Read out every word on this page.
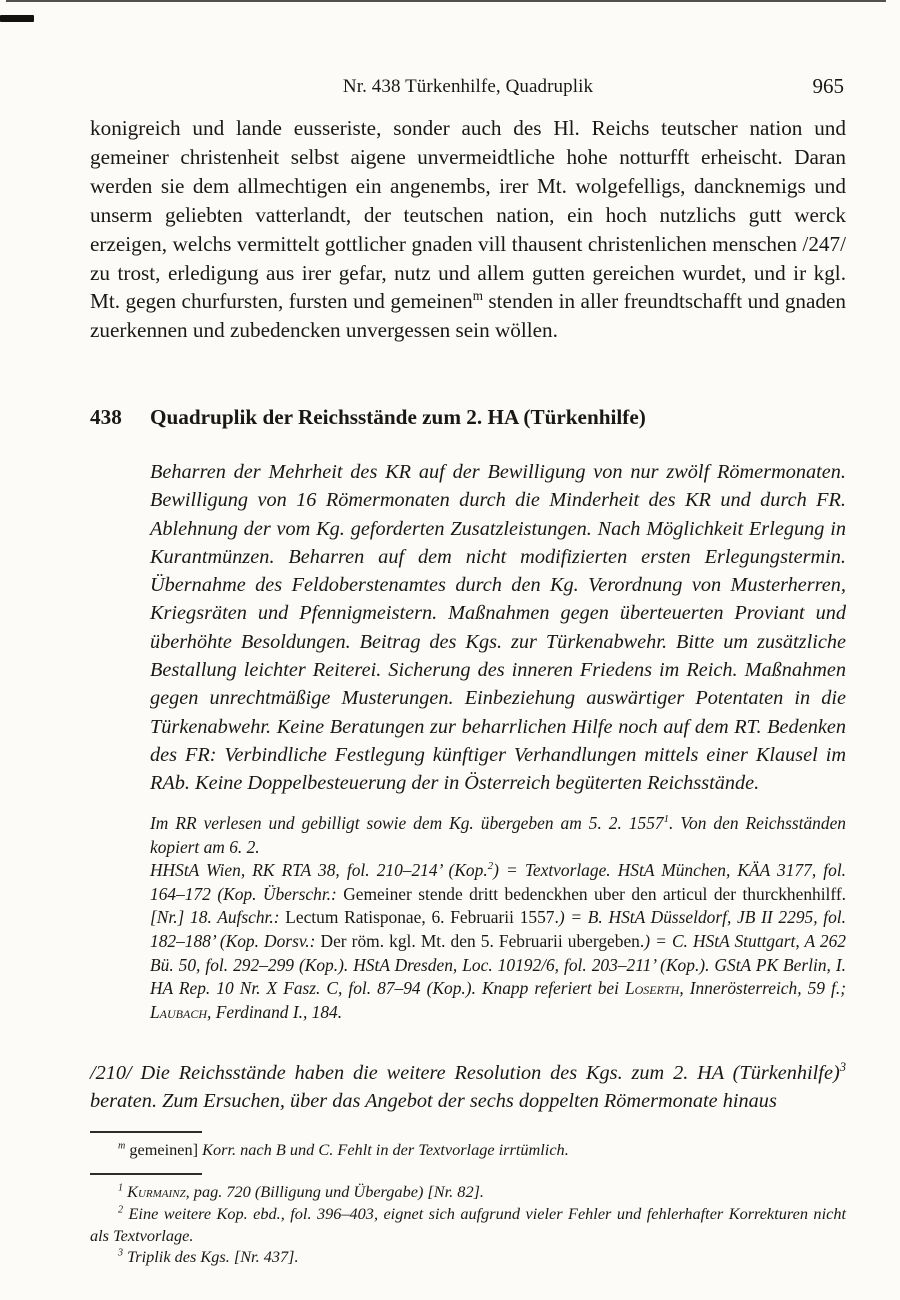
Nr. 438 Türkenhilfe, Quadruplik	965
konigreich und lande eusseriste, sonder auch des Hl. Reichs teutscher nation und gemeiner christenheit selbst aigene unvermeidtliche hohe notturfft erheischt. Daran werden sie dem allmechtigen ein angenembs, irer Mt. wolgefelligs, dancknemigs und unserm geliebten vatterlandt, der teutschen nation, ein hoch nutzlichs gutt werck erzeigen, welchs vermittelt gottlicher gnaden vill thausent christenlichen menschen /247/ zu trost, erledigung aus irer gefar, nutz und allem gutten gereichen wurdet, und ir kgl. Mt. gegen churfursten, fursten und gemeinen$^m$ stenden in aller freundtschafft und gnaden zuerkennen und zubedencken unvergessen sein wöllen.
438	Quadruplik der Reichsstände zum 2. HA (Türkenhilfe)
Beharren der Mehrheit des KR auf der Bewilligung von nur zwölf Römermonaten. Bewilligung von 16 Römermonaten durch die Minderheit des KR und durch FR. Ablehnung der vom Kg. geforderten Zusatzleistungen. Nach Möglichkeit Erlegung in Kurantmünzen. Beharren auf dem nicht modifizierten ersten Erlegungstermin. Übernahme des Feldoberstenamtes durch den Kg. Verordnung von Musterherren, Kriegsräten und Pfennigmeistern. Maßnahmen gegen überteuerten Proviant und überhöhte Besoldungen. Beitrag des Kgs. zur Türkenabwehr. Bitte um zusätzliche Bestallung leichter Reiterei. Sicherung des inneren Friedens im Reich. Maßnahmen gegen unrechtmäßige Musterungen. Einbeziehung auswärtiger Potentaten in die Türkenabwehr. Keine Beratungen zur beharrlichen Hilfe noch auf dem RT. Bedenken des FR: Verbindliche Festlegung künftiger Verhandlungen mittels einer Klausel im RAb. Keine Doppelbesteuerung der in Österreich begüterten Reichsstände.
Im RR verlesen und gebilligt sowie dem Kg. übergeben am 5. 2. 1557$^1$. Von den Reichsständen kopiert am 6. 2.
HHStA Wien, RK RTA 38, fol. 210–214’ (Kop.$^2$) = Textvorlage. HStA München, KÄA 3177, fol. 164–172 (Kop. Überschr.: Gemeiner stende dritt bedenckhen uber den articul der thurckhenhilff. [Nr.] 18. Aufschr.: Lectum Ratisponae, 6. Februarii 1557.) = B. HStA Düsseldorf, JB II 2295, fol. 182–188’ (Kop. Dorsv.: Der röm. kgl. Mt. den 5. Februarii ubergeben.) = C. HStA Stuttgart, A 262 Bü. 50, fol. 292–299 (Kop.). HStA Dresden, Loc. 10192/6, fol. 203–211’ (Kop.). GStA PK Berlin, I. HA Rep. 10 Nr. X Fasz. C, fol. 87–94 (Kop.). Knapp referiert bei Loserth, Innerösterreich, 59 f.; Laubach, Ferdinand I., 184.
/210/ Die Reichsstände haben die weitere Resolution des Kgs. zum 2. HA (Türkenhilfe)$^3$ beraten. Zum Ersuchen, über das Angebot der sechs doppelten Römermonate hinaus
$^m$ gemeinen] Korr. nach B und C. Fehlt in der Textvorlage irrtümlich.
$^1$ Kurmainz, pag. 720 (Billigung und Übergabe) [Nr. 82].
$^2$ Eine weitere Kop. ebd., fol. 396–403, eignet sich aufgrund vieler Fehler und fehlerhafter Korrekturen nicht als Textvorlage.
$^3$ Triplik des Kgs. [Nr. 437].
